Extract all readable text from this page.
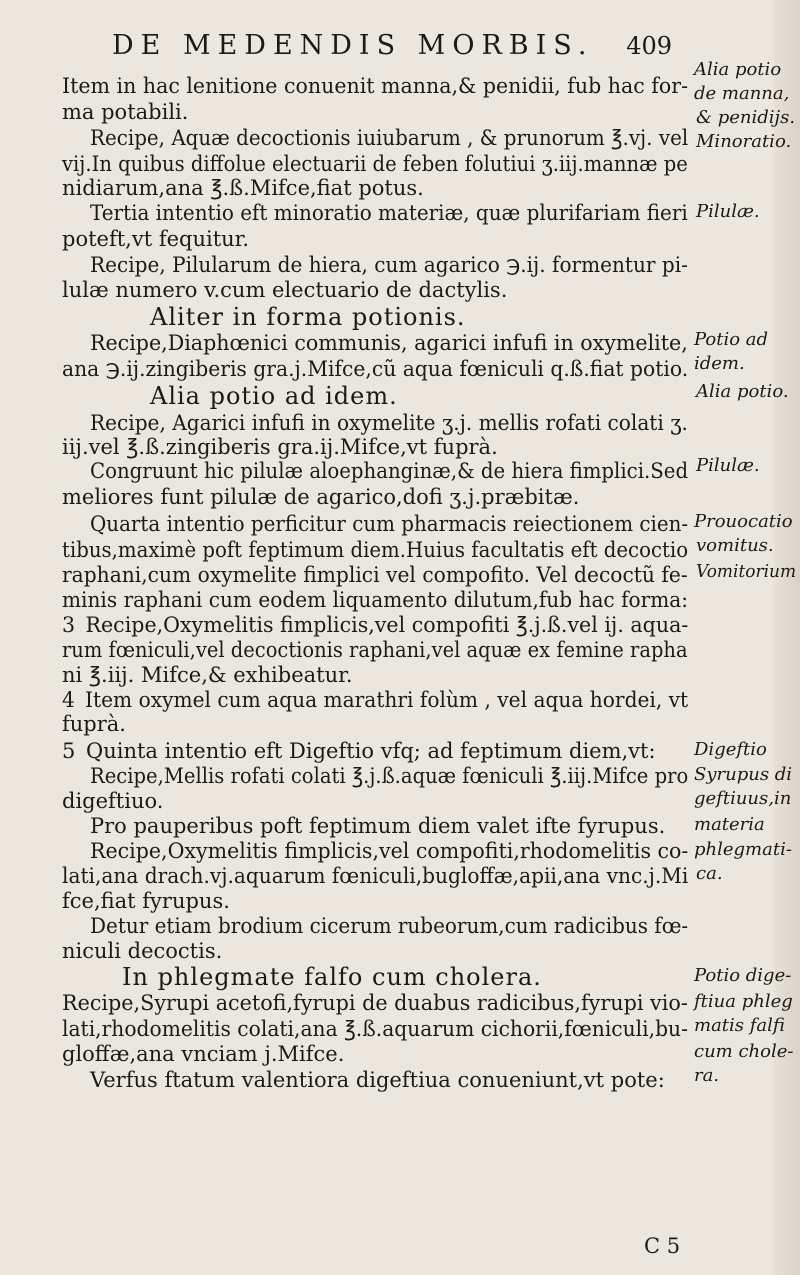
DE MEDENDIS MORBIS. 409
Item in hac lenitione conuenit manna,& penidii, fub hac for-
ma potabili.
Recipe, Aquæ decoctionis iuiubarum , & prunorum ℥.vj. vel
vij.In quibus diffolue electuarii de feben folutiui ʒ.iij.mannæ pe
nidiarum,ana ℥.ß.Mifce,fiat potus.
Tertia intentio eft minoratio materiæ, quæ plurifariam fieri
poteft,vt fequitur.
Recipe, Pilularum de hiera, cum agarico ℈.ij. formentur pi-
lulæ numero v.cum electuario de dactylis.
Aliter in forma potionis.
Recipe,Diaphœnici communis, agarici infufi in oxymelite,
ana ℈.ij.zingiberis gra.j.Mifce,cũ aqua fœniculi q.ß.fiat potio.
Alia potio ad idem.
Recipe, Agarici infufi in oxymelite ʒ.j. mellis rofati colati ʒ.
iij.vel ℥.ß.zingiberis gra.ij.Mifce,vt fuprà.
Congruunt hic pilulæ aloephanginæ,& de hiera fimplici.Sed
meliores funt pilulæ de agarico,dofi ʒ.j.præbitæ.
Quarta intentio perficitur cum pharmacis reiectionem cien-
tibus,maximè poft feptimum diem.Huius facultatis eft decoctio
raphani,cum oxymelite fimplici vel compofito. Vel decoctũ fe-
minis raphani cum eodem liquamento dilutum,fub hac forma:
3 Recipe,Oxymelitis fimplicis,vel compofiti ℥.j.ß.vel ij. aqua-
rum fœniculi,vel decoctionis raphani,vel aquæ ex femine rapha
ni ℥.iij. Mifce,& exhibeatur.
4 Item oxymel cum aqua marathri folùm , vel aqua hordei, vt
fuprà.
5 Quinta intentio eft Digeftio vfq; ad feptimum diem,vt:
Recipe,Mellis rofati colati ℥.j.ß.aquæ fœniculi ℥.iij.Mifce pro
digeftiuo.
Pro pauperibus poft feptimum diem valet ifte fyrupus.
Recipe,Oxymelitis fimplicis,vel compofiti,rhodomelitis co-
lati,ana drach.vj.aquarum fœniculi,bugloffæ,apii,ana vnc.j.Mi
fce,fiat fyrupus.
Detur etiam brodium cicerum rubeorum,cum radicibus fœ-
niculi decoctis.
In phlegmate falfo cum cholera.
Recipe,Syrupi acetofi,fyrupi de duabus radicibus,fyrupi vio-
lati,rhodomelitis colati,ana ℥.ß.aquarum cichorii,fœniculi,bu-
gloffæ,ana vnciam j.Mifce.
Verfus ftatum valentiora digeftiua conueniunt,vt pote:
Alia potio
de manna,
& penidijs.
Minoratio.
Pilulæ.
Potio ad
idem.
Alia potio.
Pilulæ.
Prouocatio
vomitus.
Vomitorium
Digeftio
Syrupus di
geftiuus,in
materia
phlegmati-
ca.
Potio dige-
ftiua phleg
matis falfi
cum chole-
ra.
C 5
